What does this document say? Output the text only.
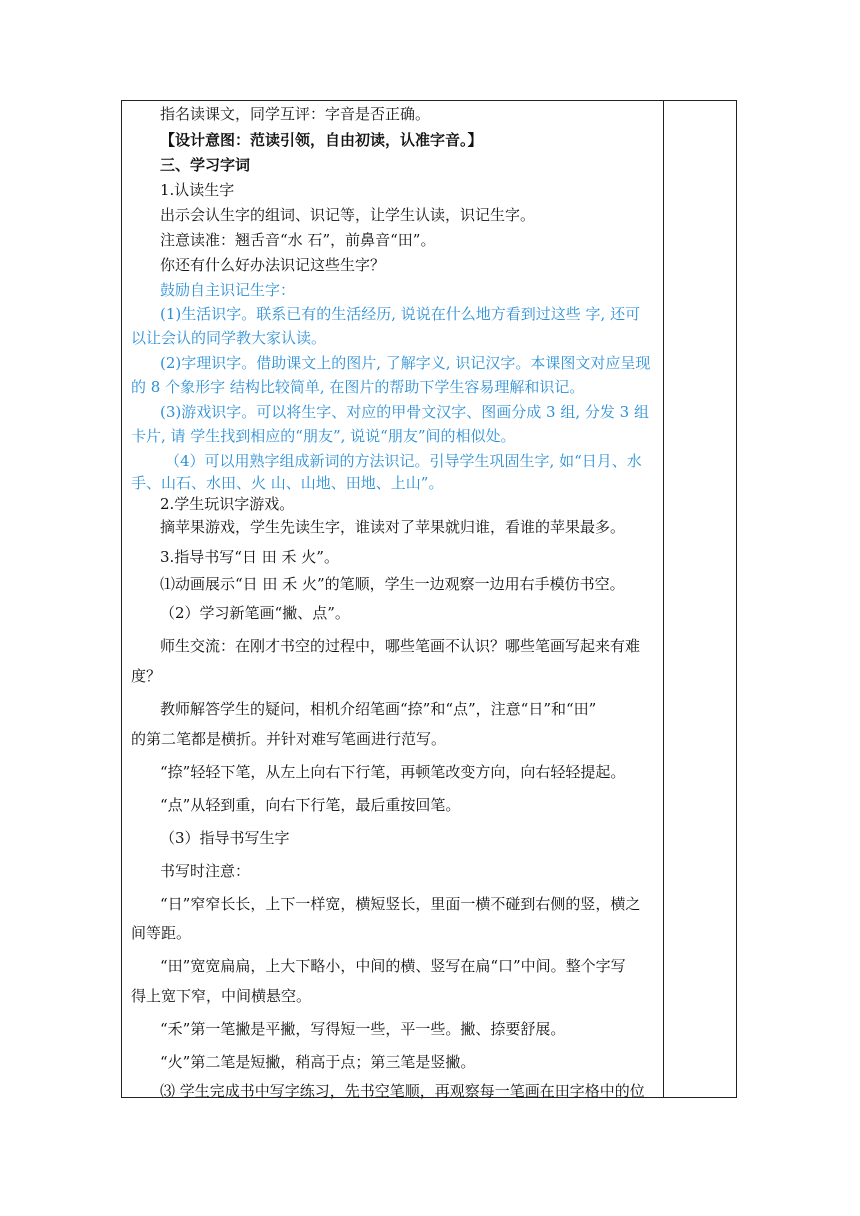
指名读课文，同学互评：字音是否正确。
【设计意图：范读引领，自由初读，认准字音。】
三、学习字词
1.认读生字
出示会认生字的组词、识记等，让学生认读，识记生字。
注意读准：翘舌音“水 石”，前鼻音“田”。
你还有什么好办法识记这些生字？
鼓励自主识记生字：
(1)生活识字。联系已有的生活经历, 说说在什么地方看到过这些 字, 还可
以让会认的同学教大家认读。
(2)字理识字。借助课文上的图片, 了解字义, 识记汉字。本课图文对应呈现
的 8 个象形字 结构比较简单, 在图片的帮助下学生容易理解和识记。
(3)游戏识字。可以将生字、对应的甲骨文汉字、图画分成 3 组, 分发 3 组
卡片, 请 学生找到相应的“朋友”, 说说“朋友”间的相似处。
（4）可以用熟字组成新词的方法识记。引导学生巩固生字, 如“日月、水
手、山石、水田、火 山、山地、田地、上山”。
2.学生玩识字游戏。
摘苹果游戏，学生先读生字，谁读对了苹果就归谁，看谁的苹果最多。
3.指导书写“日 田 禾 火”。
⑴动画展示“日 田 禾 火”的笔顺，学生一边观察一边用右手模仿书空。
（2）学习新笔画“撇、点”。
师生交流：在刚才书空的过程中，哪些笔画不认识？哪些笔画写起来有难
度？
教师解答学生的疑问，相机介绍笔画“捺”和“点”，注意“日”和“田”
的第二笔都是横折。并针对难写笔画进行范写。
“捺”轻轻下笔，从左上向右下行笔，再顿笔改变方向，向右轻轻提起。
“点”从轻到重，向右下行笔，最后重按回笔。
（3）指导书写生字
书写时注意：
“日”窄窄长长，上下一样宽，横短竖长，里面一横不碰到右侧的竖，横之
间等距。
“田”宽宽扁扁，上大下略小，中间的横、竖写在扁“口”中间。整个字写
得上宽下窄，中间横悬空。
“禾”第一笔撇是平撇，写得短一些，平一些。撇、捺要舒展。
“火”第二笔是短撇，稍高于点；第三笔是竖撇。
⑶ 学生完成书中写字练习，先书空笔顺，再观察每一笔画在田字格中的位
